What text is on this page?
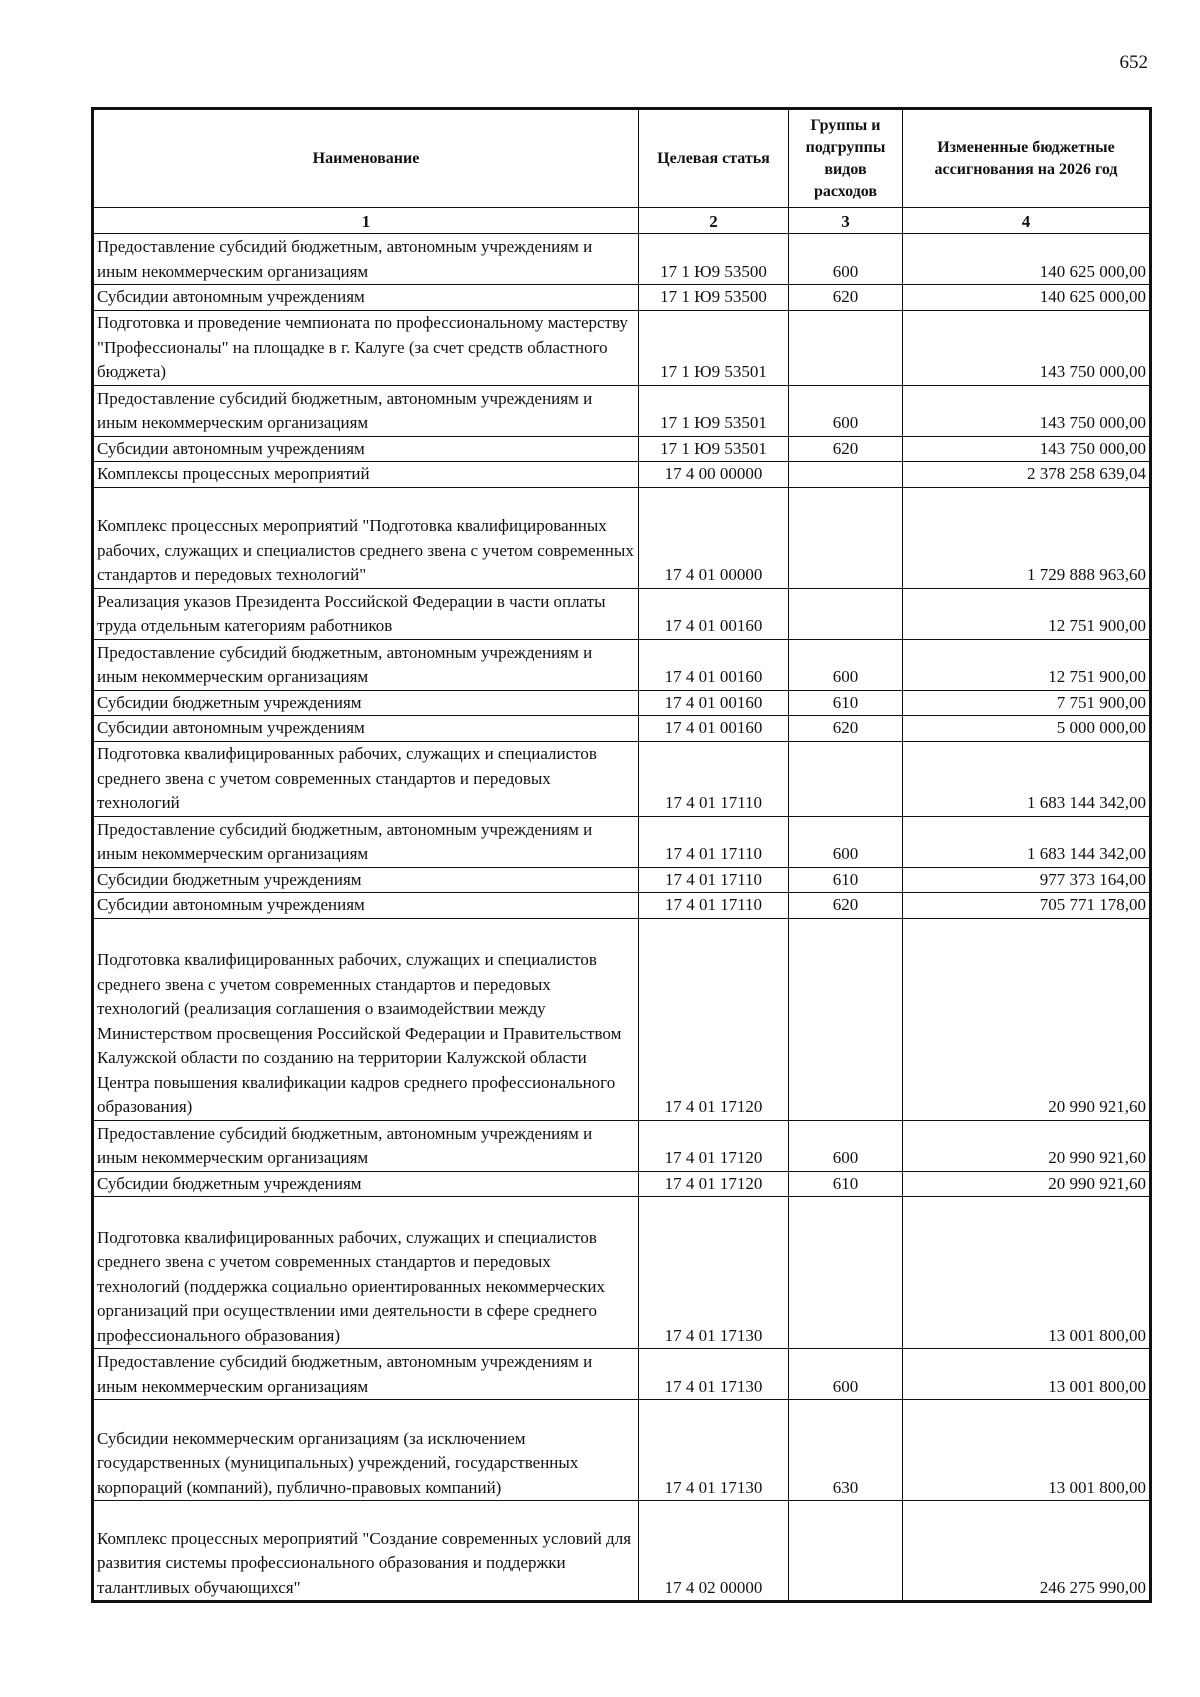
652
Наименование	Целевая статья	Группы и подгруппы видов расходов	Измененные бюджетные ассигнования на 2026 год
1	2	3	4
Предоставление субсидий бюджетным, автономным учреждениям и иным некоммерческим организациям	17 1 Ю9 53500	600	140 625 000,00
Субсидии автономным учреждениям	17 1 Ю9 53500	620	140 625 000,00
Подготовка и проведение чемпионата по профессиональному мастерству "Профессионалы" на площадке в г. Калуге (за счет средств областного бюджета)	17 1 Ю9 53501		143 750 000,00
Предоставление субсидий бюджетным, автономным учреждениям и иным некоммерческим организациям	17 1 Ю9 53501	600	143 750 000,00
Субсидии автономным учреждениям	17 1 Ю9 53501	620	143 750 000,00
Комплексы процессных мероприятий	17 4 00 00000		2 378 258 639,04
Комплекс процессных мероприятий "Подготовка квалифицированных рабочих, служащих и специалистов среднего звена с учетом современных стандартов и передовых технологий"	17 4 01 00000		1 729 888 963,60
Реализация указов Президента Российской Федерации в части оплаты труда отдельным категориям работников	17 4 01 00160		12 751 900,00
Предоставление субсидий бюджетным, автономным учреждениям и иным некоммерческим организациям	17 4 01 00160	600	12 751 900,00
Субсидии бюджетным учреждениям	17 4 01 00160	610	7 751 900,00
Субсидии автономным учреждениям	17 4 01 00160	620	5 000 000,00
Подготовка квалифицированных рабочих, служащих и специалистов среднего звена с учетом современных стандартов и передовых технологий	17 4 01 17110		1 683 144 342,00
Предоставление субсидий бюджетным, автономным учреждениям и иным некоммерческим организациям	17 4 01 17110	600	1 683 144 342,00
Субсидии бюджетным учреждениям	17 4 01 17110	610	977 373 164,00
Субсидии автономным учреждениям	17 4 01 17110	620	705 771 178,00
Подготовка квалифицированных рабочих, служащих и специалистов среднего звена с учетом современных стандартов и передовых технологий (реализация соглашения о взаимодействии между Министерством просвещения Российской Федерации и Правительством Калужской области по созданию на территории Калужской области Центра повышения квалификации кадров среднего профессионального образования)	17 4 01 17120		20 990 921,60
Предоставление субсидий бюджетным, автономным учреждениям и иным некоммерческим организациям	17 4 01 17120	600	20 990 921,60
Субсидии бюджетным учреждениям	17 4 01 17120	610	20 990 921,60
Подготовка квалифицированных рабочих, служащих и специалистов среднего звена с учетом современных стандартов и передовых технологий (поддержка социально ориентированных некоммерческих организаций при осуществлении ими деятельности в сфере среднего профессионального образования)	17 4 01 17130		13 001 800,00
Предоставление субсидий бюджетным, автономным учреждениям и иным некоммерческим организациям	17 4 01 17130	600	13 001 800,00
Субсидии некоммерческим организациям (за исключением государственных (муниципальных) учреждений, государственных корпораций (компаний), публично-правовых компаний)	17 4 01 17130	630	13 001 800,00
Комплекс процессных мероприятий "Создание современных условий для развития системы профессионального образования и поддержки талантливых обучающихся"	17 4 02 00000		246 275 990,00
